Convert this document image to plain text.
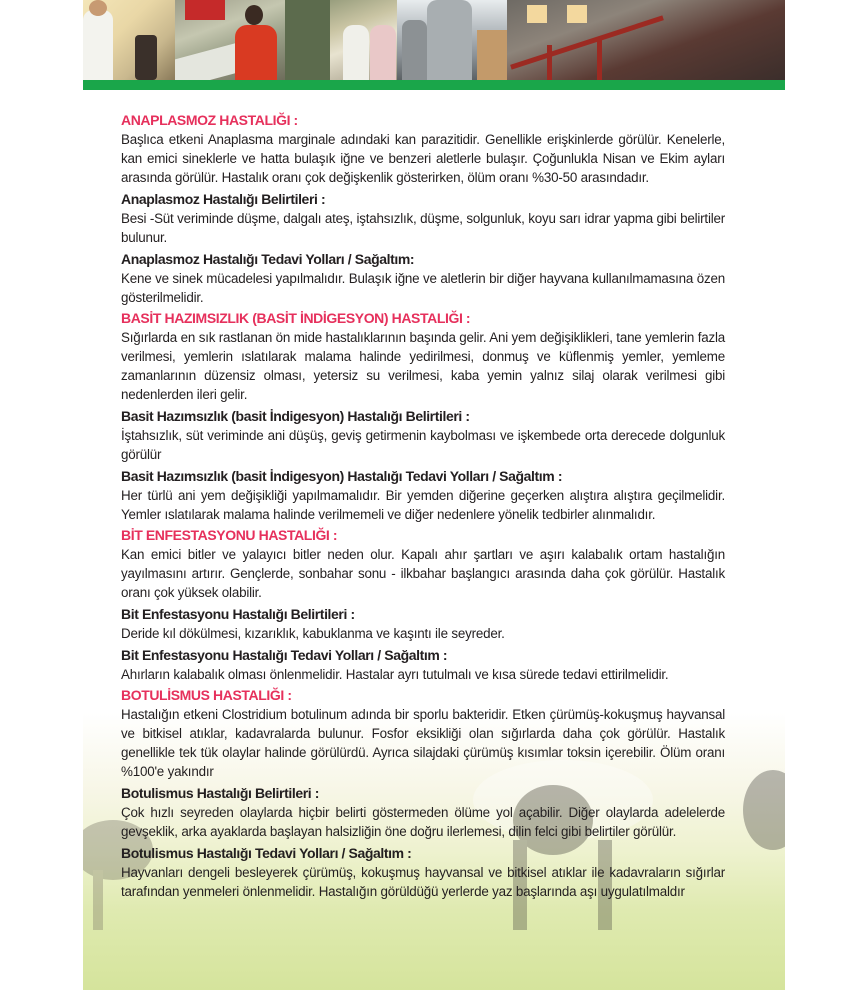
ANAPLASMOZ HASTALIĞI :

Başlıca etkeni Anaplasma marginale adındaki kan parazitidir. Genellikle erişkinlerde görülür. Kenelerle, kan emici sineklerle ve hatta bulaşık iğne ve benzeri aletlerle bulaşır. Çoğunlukla Nisan ve Ekim ayları arasında görülür. Hastalık oranı çok değişkenlik gösterirken, ölüm oranı %30-50 arasındadır.

Anaplasmoz Hastalığı Belirtileri :

Besi -Süt veriminde düşme, dalgalı ateş, iştahsızlık, düşme, solgunluk, koyu sarı idrar yapma gibi belirtiler bulunur.

Anaplasmoz Hastalığı Tedavi Yolları / Sağaltım:

Kene ve sinek mücadelesi yapılmalıdır. Bulaşık iğne ve aletlerin bir diğer hayvana kullanılmamasına özen gösterilmelidir.

BASİT HAZIMSIZLIK (BASİT İNDİGESYON) HASTALIĞI :

Sığırlarda en sık rastlanan ön mide hastalıklarının başında gelir. Ani yem değişiklikleri, tane yemlerin fazla verilmesi, yemlerin ıslatılarak malama halinde yedirilmesi, donmuş ve küflenmiş yemler, yemleme zamanlarının düzensiz olması, yetersiz su verilmesi, kaba yemin yalnız silaj olarak verilmesi gibi nedenlerden ileri gelir.

Basit Hazımsızlık (basit İndigesyon) Hastalığı Belirtileri :

İştahsızlık, süt veriminde ani düşüş, geviş getirmenin kaybolması ve işkembede orta derecede dolgunluk görülür

Basit Hazımsızlık (basit İndigesyon) Hastalığı Tedavi Yolları / Sağaltım :

Her türlü ani yem değişikliği yapılmamalıdır. Bir yemden diğerine geçerken alıştıra alıştıra geçilmelidir. Yemler ıslatılarak malama halinde verilmemeli ve diğer nedenlere yönelik tedbirler alınmalıdır.

BİT ENFESTASYONU HASTALIĞI :

Kan emici bitler ve yalayıcı bitler neden olur. Kapalı ahır şartları ve aşırı kalabalık ortam hastalığın yayılmasını artırır. Gençlerde, sonbahar sonu - ilkbahar başlangıcı arasında daha çok görülür. Hastalık oranı çok yüksek olabilir.

Bit Enfestasyonu Hastalığı Belirtileri :

Deride kıl dökülmesi, kızarıklık, kabuklanma ve kaşıntı ile seyreder.

Bit Enfestasyonu Hastalığı Tedavi Yolları / Sağaltım :

Ahırların kalabalık olması önlenmelidir. Hastalar ayrı tutulmalı ve kısa sürede tedavi ettirilmelidir.

BOTULİSMUS HASTALIĞI :

Hastalığın etkeni Clostridium botulinum adında bir sporlu bakteridir. Etken çürümüş-kokuşmuş hayvansal ve bitkisel atıklar, kadavralarda bulunur. Fosfor eksikliği olan sığırlarda daha çok görülür. Hastalık genellikle tek tük olaylar halinde görülürdü. Ayrıca silajdaki çürümüş kısımlar toksin içerebilir. Ölüm oranı %100'e yakındır

Botulismus Hastalığı Belirtileri :

Çok hızlı seyreden olaylarda hiçbir belirti göstermeden ölüme yol açabilir. Diğer olaylarda adelelerde gevşeklik, arka ayaklarda başlayan halsizliğin öne doğru ilerlemesi, dilin felci gibi belirtiler görülür.

Botulismus Hastalığı Tedavi Yolları / Sağaltım :

Hayvanları dengeli besleyerek çürümüş, kokuşmuş hayvansal ve bitkisel atıklar ile kadavraların sığırlar tarafından yenmeleri önlenmelidir. Hastalığın görüldüğü yerlerde yaz başlarında aşı uygulatılmaldır
